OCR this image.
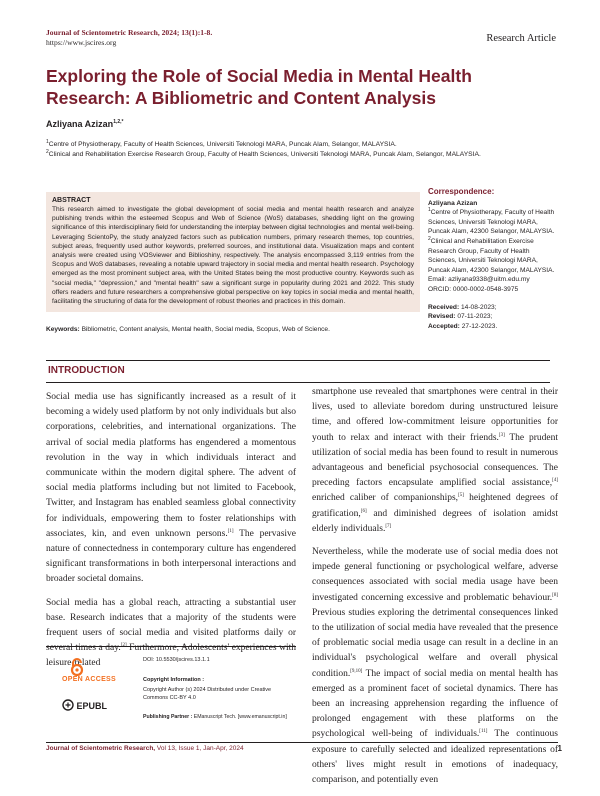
Journal of Scientometric Research, 2024; 13(1):1-8.
https://www.jscires.org	Research Article
Exploring the Role of Social Media in Mental Health Research: A Bibliometric and Content Analysis
Azliyana Azizan$^{1,2,*}$
$^1$Centre of Physiotherapy, Faculty of Health Sciences, Universiti Teknologi MARA, Puncak Alam, Selangor, MALAYSIA.
$^2$Clinical and Rehabilitation Exercise Research Group, Faculty of Health Sciences, Universiti Teknologi MARA, Puncak Alam, Selangor, MALAYSIA.
ABSTRACT
This research aimed to investigate the global development of social media and mental health research and analyze publishing trends within the esteemed Scopus and Web of Science (WoS) databases, shedding light on the growing significance of this interdisciplinary field for understanding the interplay between digital technologies and mental well-being. Leveraging ScientoPy, the study analyzed factors such as publication numbers, primary research themes, top countries, subject areas, frequently used author keywords, preferred sources, and institutional data. Visualization maps and content analysis were created using VOSviewer and Biblioshiny, respectively. The analysis encompassed 3,119 entries from the Scopus and WoS databases, revealing a notable upward trajectory in social media and mental health research. Psychology emerged as the most prominent subject area, with the United States being the most productive country. Keywords such as "social media," "depression," and "mental health" saw a significant surge in popularity during 2021 and 2022. This study offers readers and future researchers a comprehensive global perspective on key topics in social media and mental health, facilitating the structuring of data for the development of robust theories and practices in this domain.
Keywords: Bibliometric, Content analysis, Mental health, Social media, Scopus, Web of Science.
Correspondence:
Azliyana Azizan
$^1$Centre of Physiotherapy, Faculty of Health Sciences, Universiti Teknologi MARA, Puncak Alam, 42300 Selangor, MALAYSIA.
$^2$Clinical and Rehabilitation Exercise Research Group, Faculty of Health Sciences, Universiti Teknologi MARA, Puncak Alam, 42300 Selangor, MALAYSIA.
Email: azliyana9338@uitm.edu.my
ORCID: 0000-0002-0548-3975
Received: 14-08-2023;
Revised: 07-11-2023;
Accepted: 27-12-2023.
INTRODUCTION

Social media use has significantly increased as a result of it becoming a widely used platform by not only individuals but also corporations, celebrities, and international organizations. The arrival of social media platforms has engendered a momentous revolution in the way in which individuals interact and communicate within the modern digital sphere. The advent of social media platforms including but not limited to Facebook, Twitter, and Instagram has enabled seamless global connectivity for individuals, empowering them to foster relationships with associates, kin, and even unknown persons.[1] The pervasive nature of connectedness in contemporary culture has engendered significant transformations in both interpersonal interactions and broader societal domains.

Social media has a global reach, attracting a substantial user base. Research indicates that a majority of the students were frequent users of social media and visited platforms daily or several times a day.[2] Furthermore, Adolescents' experiences with leisure-related

smartphone use revealed that smartphones were central in their lives, used to alleviate boredom during unstructured leisure time, and offered low-commitment leisure opportunities for youth to relax and interact with their friends.[3] The prudent utilization of social media has been found to result in numerous advantageous and beneficial psychosocial consequences. The preceding factors encapsulate amplified social assistance,[4] enriched caliber of companionships,[5] heightened degrees of gratification,[6] and diminished degrees of isolation amidst elderly individuals.[7]

Nevertheless, while the moderate use of social media does not impede general functioning or psychological welfare, adverse consequences associated with social media usage have been investigated concerning excessive and problematic behaviour.[8] Previous studies exploring the detrimental consequences linked to the utilization of social media have revealed that the presence of problematic social media usage can result in a decline in an individual's psychological welfare and overall physical condition.[9,10] The impact of social media on mental health has emerged as a prominent facet of societal dynamics. There has been an increasing apprehension regarding the influence of prolonged engagement with these platforms on the psychological well-being of individuals.[11] The continuous exposure to carefully selected and idealized representations of others' lives might result in emotions of inadequacy, comparison, and potentially even

OPEN ACCESS
EPUBL
DOI: 10.5530/jscires.13.1.1
Copyright Information :
Copyright Author (s) 2024 Distributed under Creative Commons CC-BY 4.0
Publishing Partner : EManuscript Tech. [www.emanuscript.in]
Journal of Scientometric Research, Vol 13, Issue 1, Jan-Apr, 2024	1
